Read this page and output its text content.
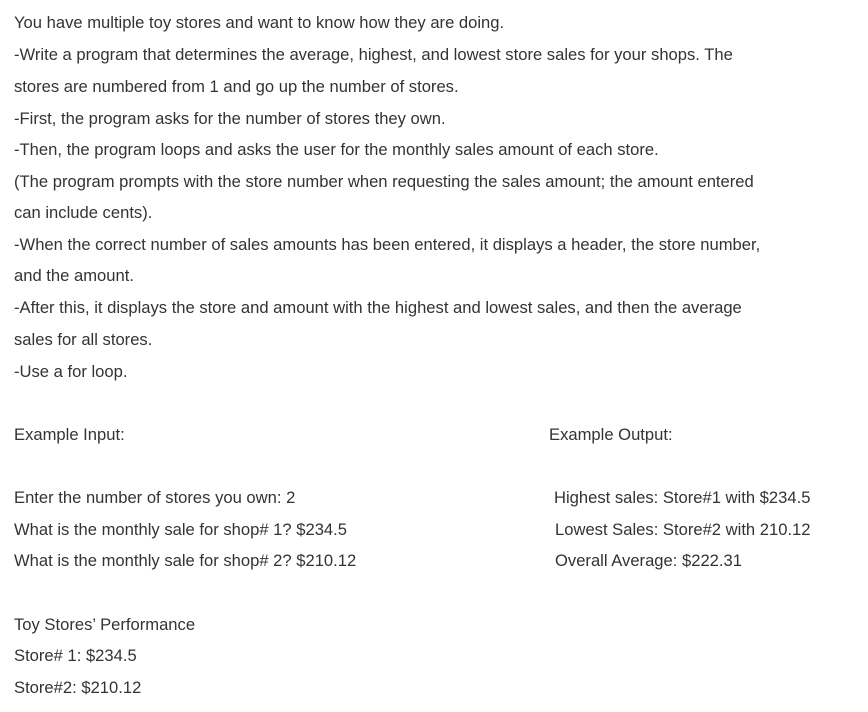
You have multiple toy stores and want to know how they are doing.
-Write a program that determines the average, highest, and lowest store sales for your shops. The
stores are numbered from 1 and go up the number of stores.
-First, the program asks for the number of stores they own.
-Then, the program loops and asks the user for the monthly sales amount of each store.
(The program prompts with the store number when requesting the sales amount; the amount entered
can include cents).
-When the correct number of sales amounts has been entered, it displays a header, the store number,
and the amount.
-After this, it displays the store and amount with the highest and lowest sales, and then the average
sales for all stores.
-Use a for loop.
Example Input:
Enter the number of stores you own: 2
What is the monthly sale for shop# 1? $234.5
What is the monthly sale for shop# 2? $210.12
Toy Stores’ Performance
Store# 1: $234.5
Store#2: $210.12
Example Output:
Highest sales: Store#1 with $234.5
Lowest Sales: Store#2 with 210.12
Overall Average: $222.31
